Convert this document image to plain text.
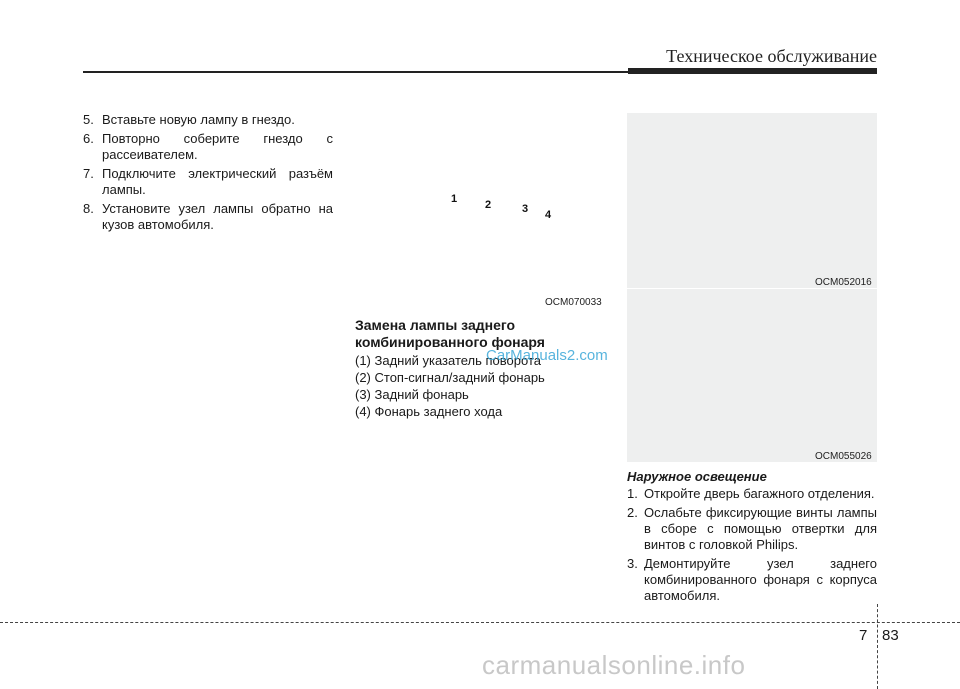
Техническое обслуживание
5. Вставьте новую лампу в гнездо.
6. Повторно соберите гнездо с рассеивателем.
7. Подключите электрический разъём лампы.
8. Установите узел лампы обратно на кузов автомобиля.
1	2	3 4
OCM070033
Замена лампы заднего комбинированного фонаря
(1) Задний указатель поворота
(2) Стоп-сигнал/задний фонарь
(3) Задний фонарь
(4) Фонарь заднего хода
CarManuals2.com
OCM052016
OCM055026
Наружное освещение
1. Откройте дверь багажного отделения.
2. Ослабьте фиксирующие винты лампы в сборе с помощью отвертки для винтов с головкой Philips.
3. Демонтируйте узел заднего комбинированного фонаря с корпуса автомобиля.
7 83
carmanualsonline.info
